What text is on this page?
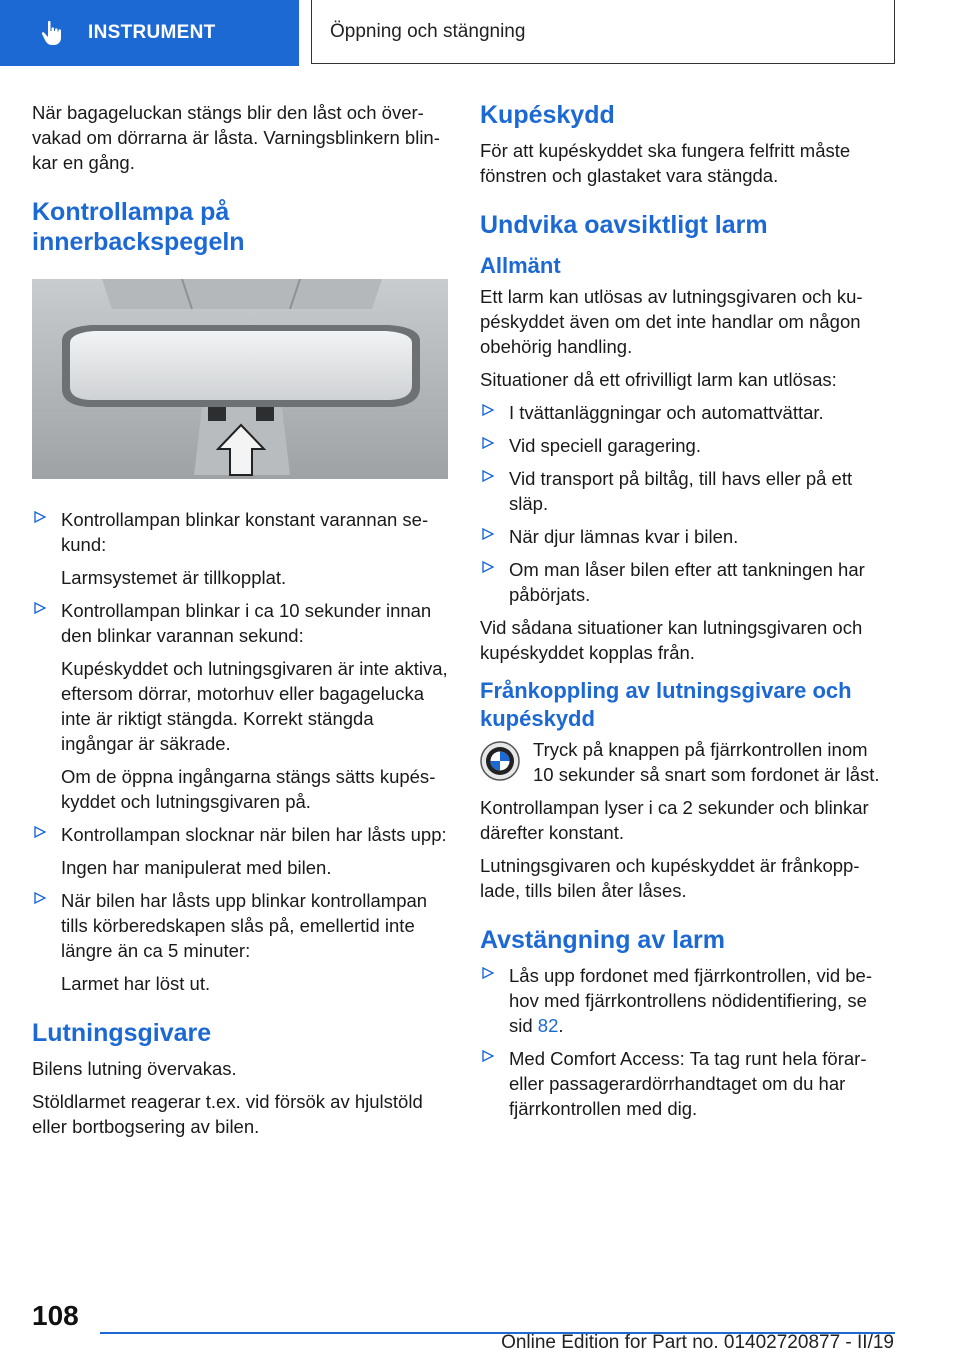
INSTRUMENT	Öppning och stängning

När bagageluckan stängs blir den låst och övervakad om dörrarna är låsta. Varningsblinkern blinkar en gång.

Kontrollampa på innerbackspegeln
Kontrollampan blinkar konstant varannan sekund:
Larmsystemet är tillkopplat.
Kontrollampan blinkar i ca 10 sekunder innan den blinkar varannan sekund:
Kupéskyddet och lutningsgivaren är inte aktiva, eftersom dörrar, motorhuv eller bagagelucka inte är riktigt stängda. Korrekt stängda ingångar är säkrade.
Om de öppna ingångarna stängs sätts kupéskyddet och lutningsgivaren på.
Kontrollampan slocknar när bilen har låsts upp:
Ingen har manipulerat med bilen.
När bilen har låsts upp blinkar kontrollampan tills körberedskapen slås på, emellertid inte längre än ca 5 minuter:
Larmet har löst ut.
Lutningsgivare

Bilens lutning övervakas.

Stöldlarmet reagerar t.ex. vid försök av hjulstöld eller bortbogsering av bilen.

Kupéskydd

För att kupéskyddet ska fungera felfritt måste fönstren och glastaket vara stängda.

Undvika oavsiktligt larm
Allmänt

Ett larm kan utlösas av lutningsgivaren och kupéskyddet även om det inte handlar om någon obehörig handling.

Situationer då ett ofrivilligt larm kan utlösas:

I tvättanläggningar och automattvättar.
Vid speciell garagering.
Vid transport på biltåg, till havs eller på ett släp.
När djur lämnas kvar i bilen.
Om man låser bilen efter att tankningen har påbörjats.

Vid sådana situationer kan lutningsgivaren och kupéskyddet kopplas från.

Frånkoppling av lutningsgivare och kupéskydd

Tryck på knappen på fjärrkontrollen inom 10 sekunder så snart som fordonet är låst.

Kontrollampan lyser i ca 2 sekunder och blinkar därefter konstant.

Lutningsgivaren och kupéskyddet är frånkopplade, tills bilen åter låses.

Avstängning av larm
Lås upp fordonet med fjärrkontrollen, vid behov med fjärrkontrollens nödidentifiering, se sid 82.
Med Comfort Access: Ta tag runt hela förareller passagerardörrhandtaget om du har fjärrkontrollen med dig.
108
Online Edition for Part no. 01402720877 - II/19
